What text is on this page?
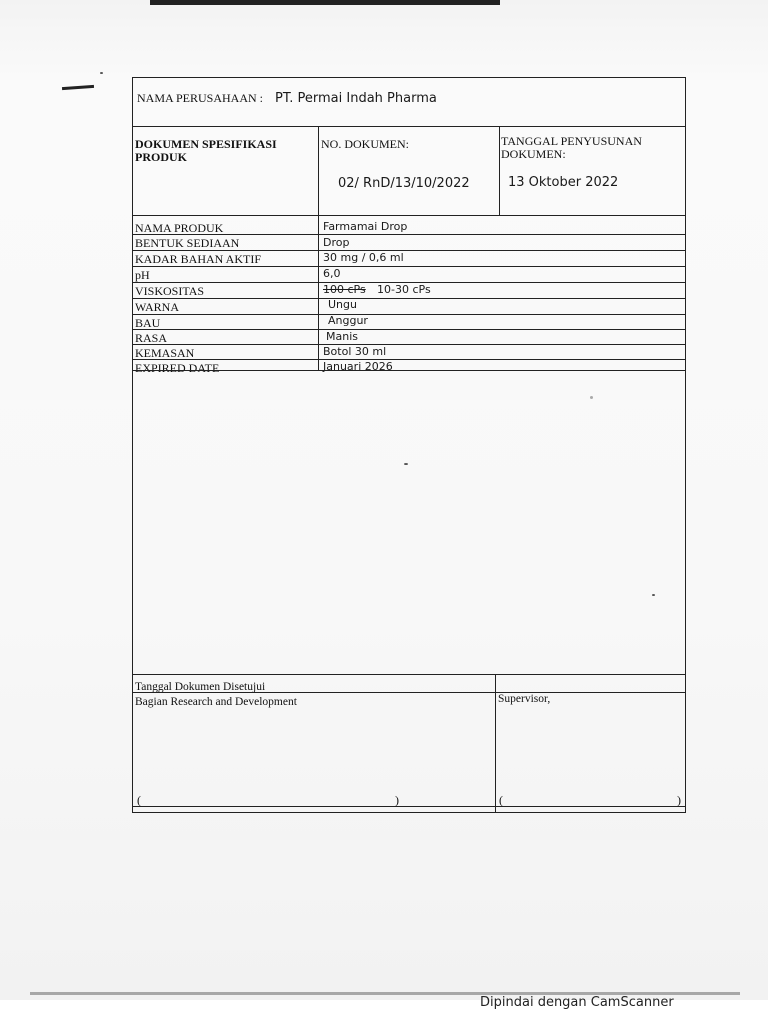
NAMA PERUSAHAAN : PT. Permai Indah Pharma
DOKUMEN SPESIFIKASI PRODUK
NO. DOKUMEN:
02/ RnD/13/10/2022
TANGGAL PENYUSUNAN DOKUMEN:
13 Oktober 2022
NAMA PRODUK	Farmamai Drop
BENTUK SEDIAAN	Drop
KADAR BAHAN AKTIF	30 mg / 0,6 ml
pH	6,0
VISKOSITAS	100 cPs 10-30 cPs
WARNA	Ungu
BAU	Anggur
RASA	Manis
KEMASAN	Botol 30 ml
EXPIRED DATE	Januari 2026
Tanggal Dokumen Disetujui
Bagian Research and Development	Supervisor,
(	)	(	)
Dipindai dengan CamScanner
